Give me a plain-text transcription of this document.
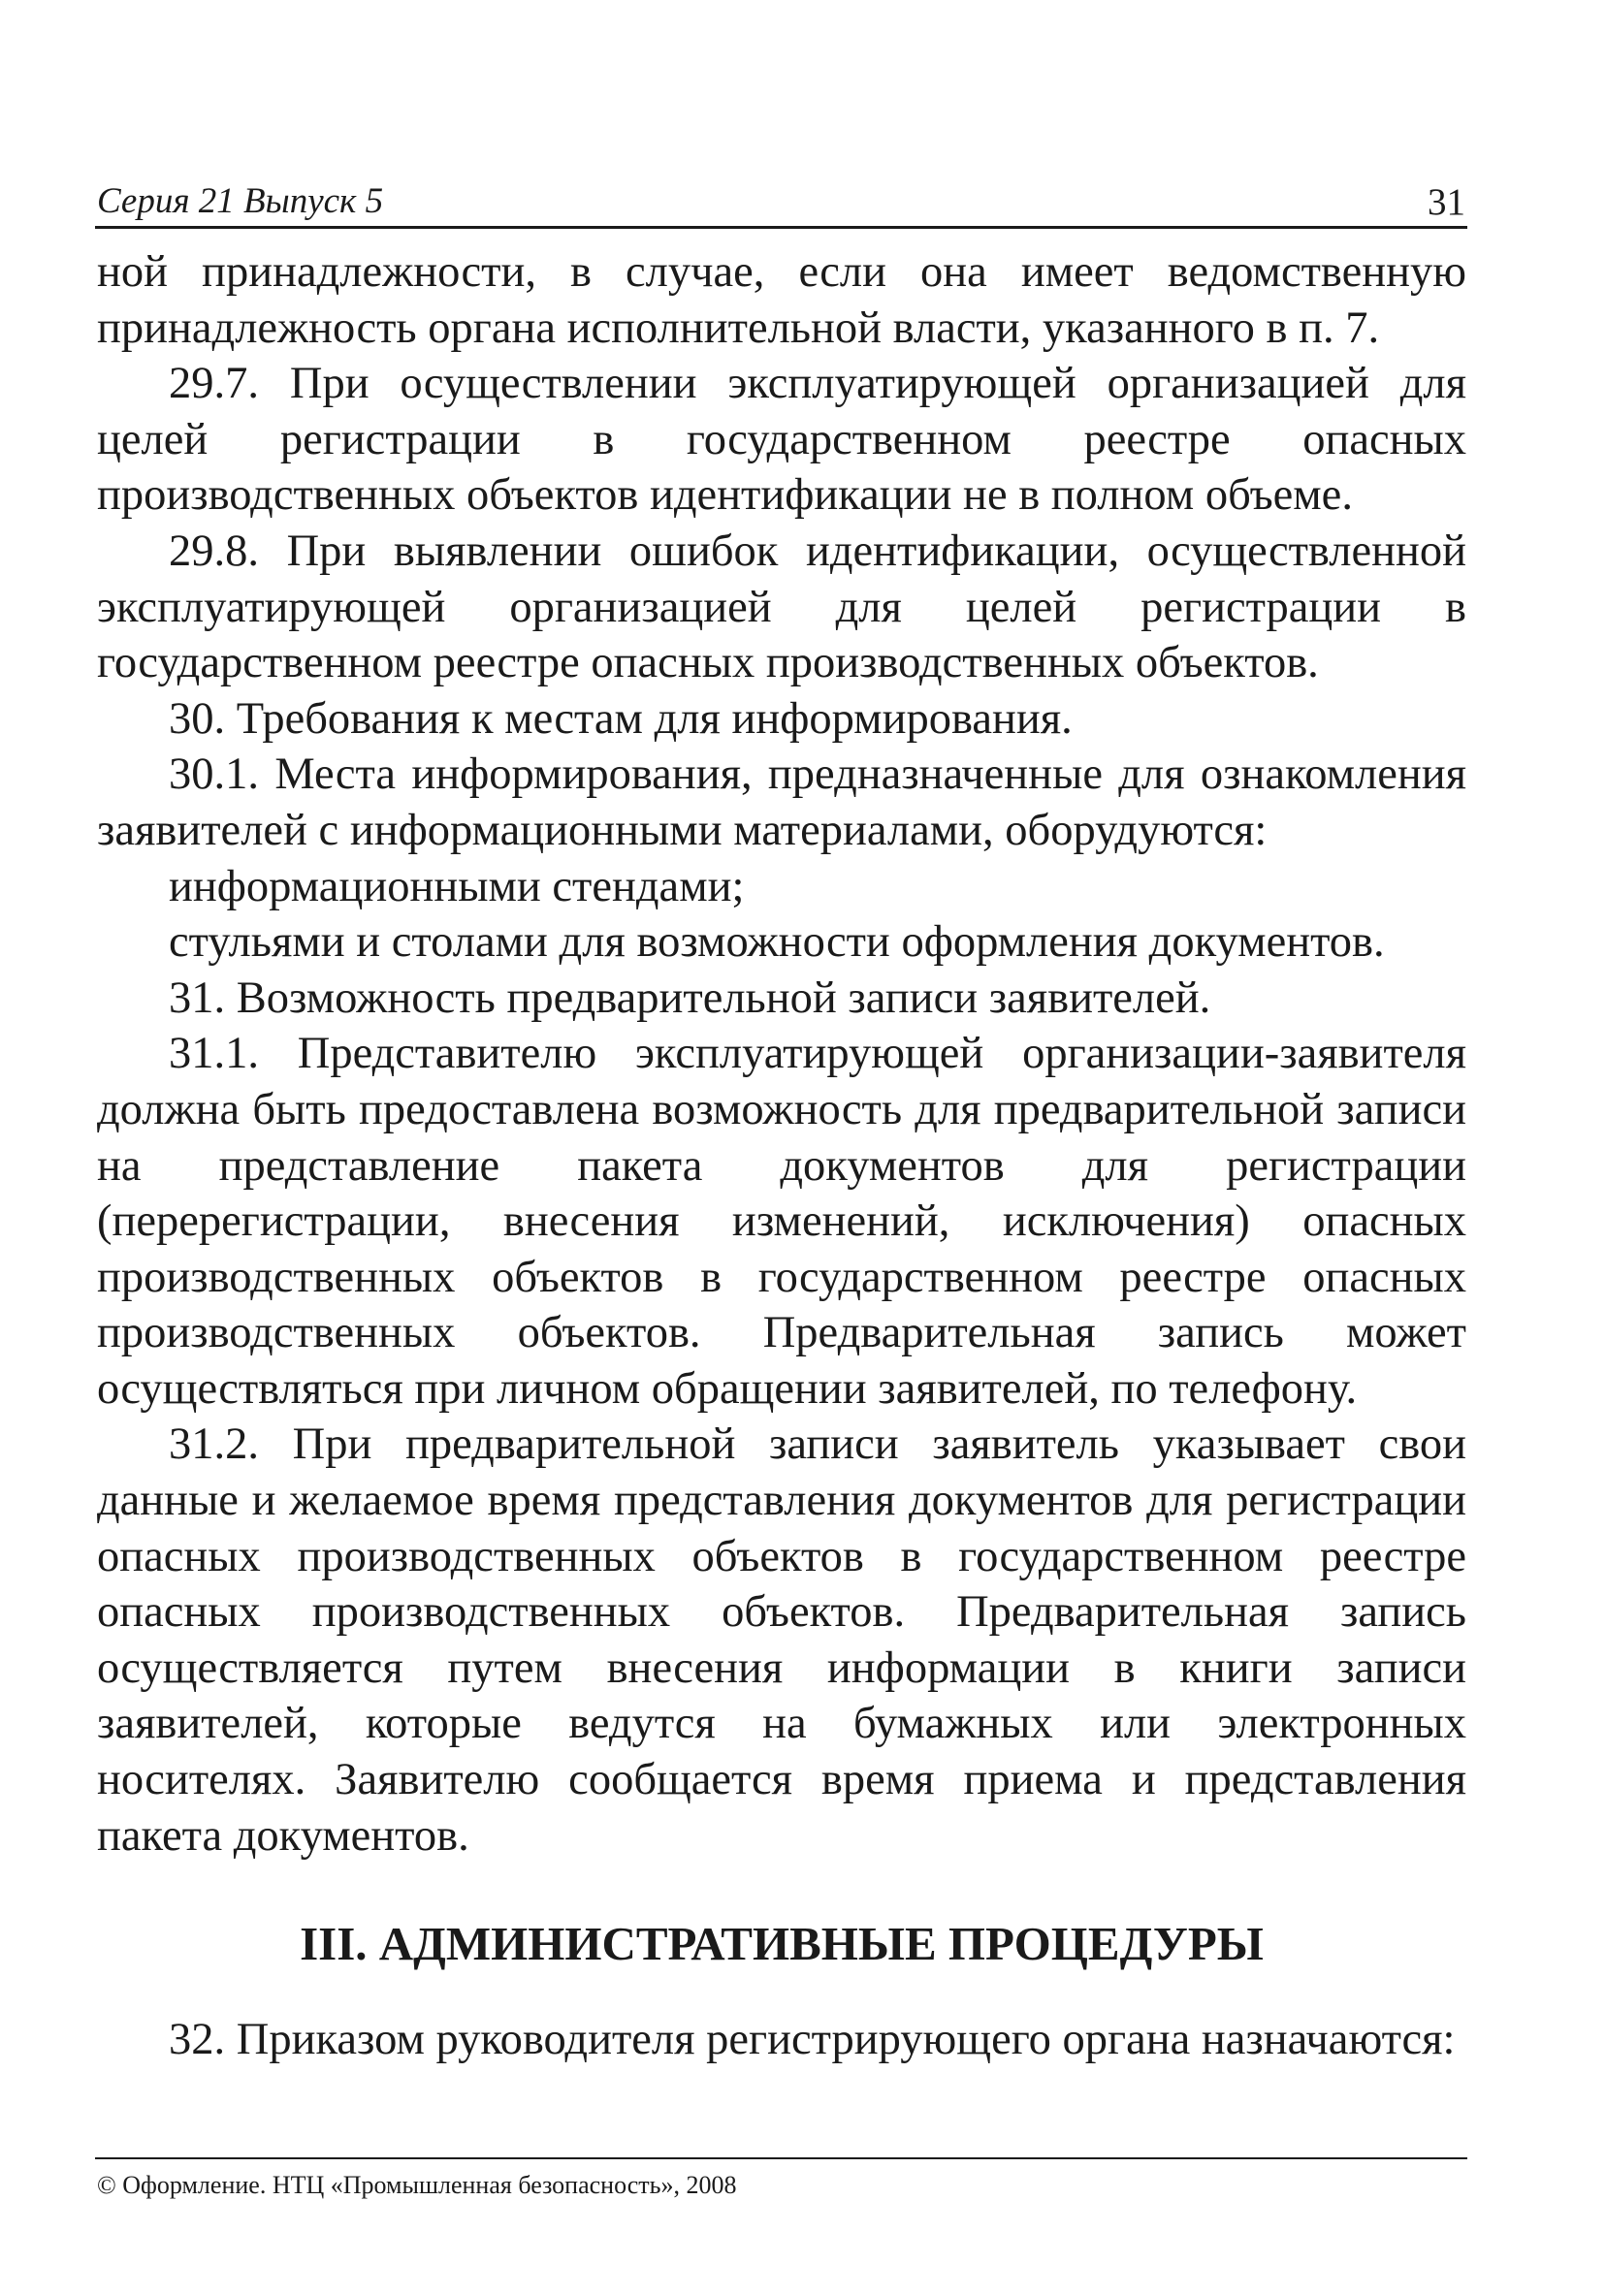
Серия 21 Выпуск 5	31

ной принадлежности, в случае, если она имеет ведомственную принадлежность органа исполнительной власти, указанного в п. 7.

29.7. При осуществлении эксплуатирующей организацией для целей регистрации в государственном реестре опасных производственных объектов идентификации не в полном объеме.

29.8. При выявлении ошибок идентификации, осуществленной эксплуатирующей организацией для целей регистрации в государственном реестре опасных производственных объектов.

30. Требования к местам для информирования.

30.1. Места информирования, предназначенные для ознакомления заявителей с информационными материалами, оборудуются:

информационными стендами;

стульями и столами для возможности оформления документов.

31. Возможность предварительной записи заявителей.

31.1. Представителю эксплуатирующей организации-заявителя должна быть предоставлена возможность для предварительной записи на представление пакета документов для регистрации (перерегистрации, внесения изменений, исключения) опасных производственных объектов в государственном реестре опасных производственных объектов. Предварительная запись может осуществляться при личном обращении заявителей, по телефону.

31.2. При предварительной записи заявитель указывает свои данные и желаемое время представления документов для регистрации опасных производственных объектов в государственном реестре опасных производственных объектов. Предварительная запись осуществляется путем внесения информации в книги записи заявителей, которые ведутся на бумажных или электронных носителях. Заявителю сообщается время приема и представления пакета документов.

III. АДМИНИСТРАТИВНЫЕ ПРОЦЕДУРЫ

32. Приказом руководителя регистрирующего органа назначаются:

© Оформление. НТЦ «Промышленная безопасность», 2008
